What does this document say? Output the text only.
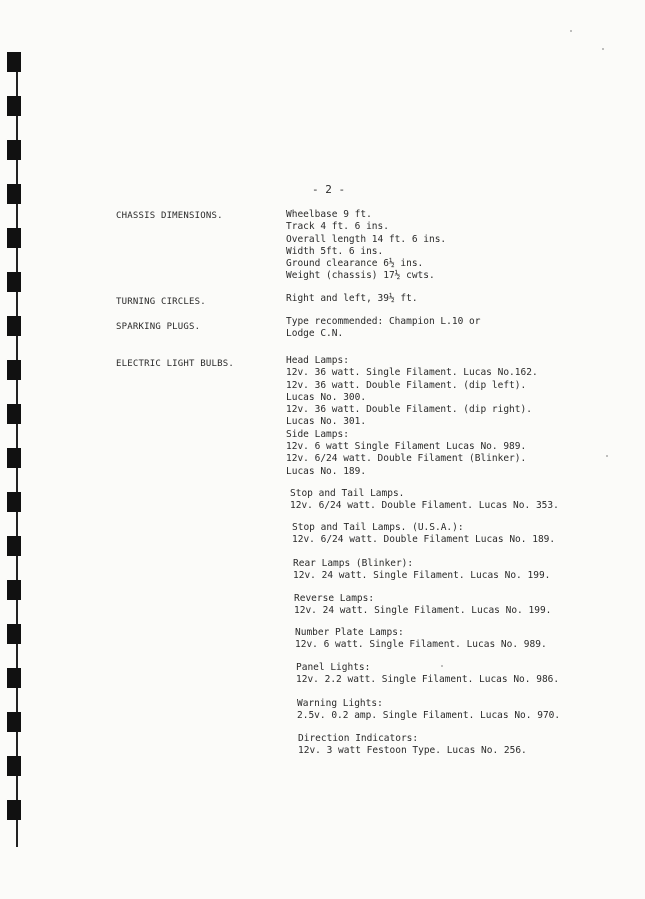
- 2 -
CHASSIS DIMENSIONS.	Wheelbase 9 ft.
Track 4 ft. 6 ins.
Overall length 14 ft. 6 ins.
Width 5ft. 6 ins.
Ground clearance 6½ ins.
Weight (chassis) 17½ cwts.
TURNING CIRCLES.	Right and left, 39½ ft.
SPARKING PLUGS.	Type recommended: Champion L.10 or
Lodge C.N.
ELECTRIC LIGHT BULBS.	Head Lamps:
12v. 36 watt. Single Filament. Lucas No.162.
12v. 36 watt. Double Filament. (dip left).
Lucas No. 300.
12v. 36 watt. Double Filament. (dip right).
Lucas No. 301.
Side Lamps:
12v. 6 watt Single Filament Lucas No. 989.
12v. 6/24 watt. Double Filament (Blinker).
Lucas No. 189.
Stop and Tail Lamps.
12v. 6/24 watt. Double Filament. Lucas No. 353.
Stop and Tail Lamps. (U.S.A.):
12v. 6/24 watt. Double Filament Lucas No. 189.
Rear Lamps (Blinker):
12v. 24 watt. Single Filament. Lucas No. 199.
Reverse Lamps:
12v. 24 watt. Single Filament. Lucas No. 199.
Number Plate Lamps:
12v. 6 watt. Single Filament. Lucas No. 989.
Panel Lights:
12v. 2.2 watt. Single Filament. Lucas No. 986.
Warning Lights:
2.5v. 0.2 amp. Single Filament. Lucas No. 970.
Direction Indicators:
12v. 3 watt Festoon Type. Lucas No. 256.
